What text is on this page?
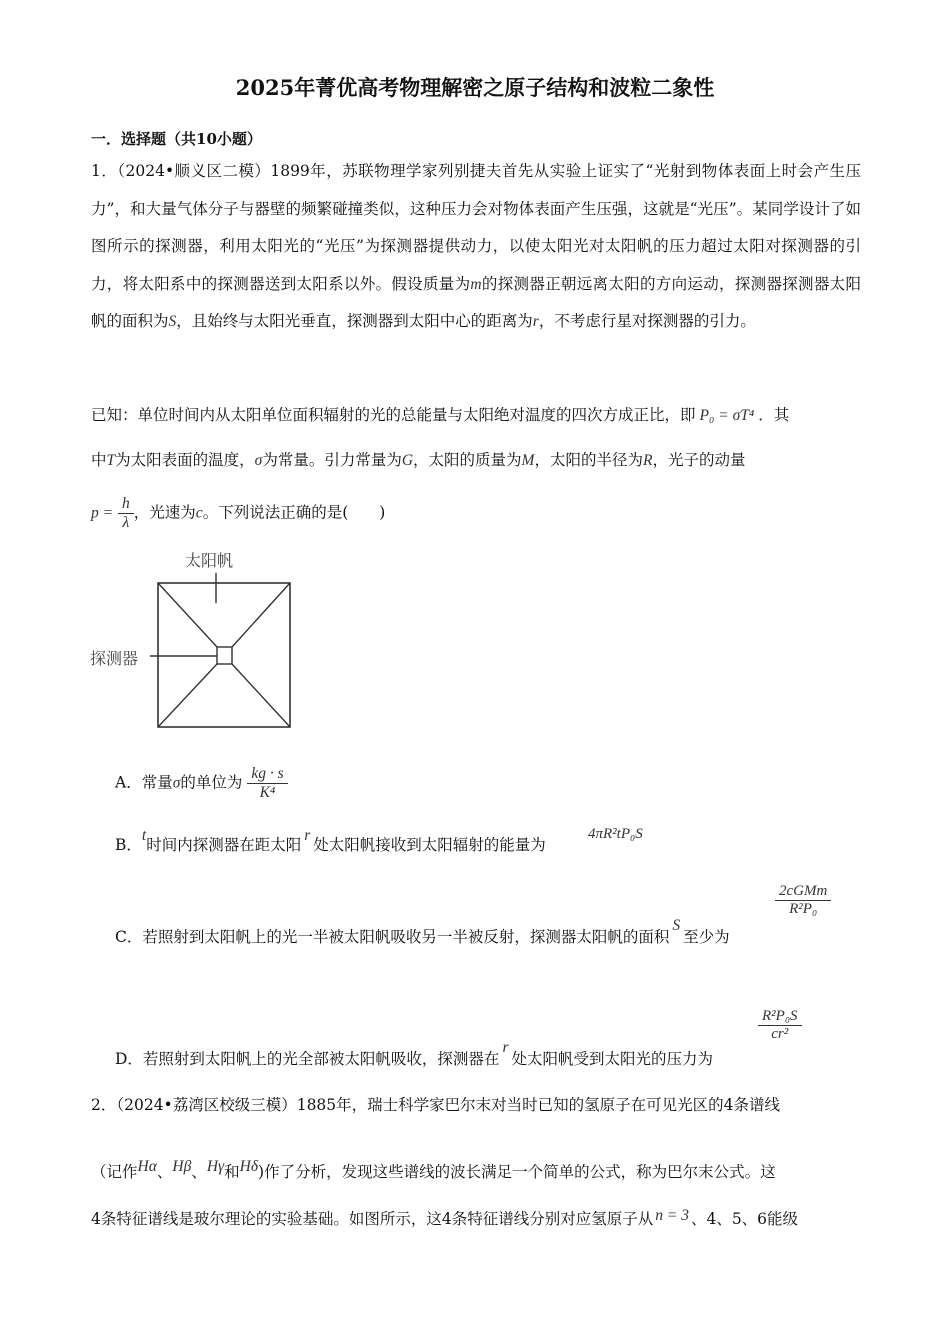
2025年菁优高考物理解密之原子结构和波粒二象性
一．选择题（共10小题）
1．（2024•顺义区二模）1899年，苏联物理学家列别捷夫首先从实验上证实了“光射到物体表面上时会产生压力”，和大量气体分子与器壁的频繁碰撞类似，这种压力会对物体表面产生压强，这就是“光压”。某同学设计了如图所示的探测器，利用太阳光的“光压”为探测器提供动力，以使太阳光对太阳帆的压力超过太阳对探测器的引力，将太阳系中的探测器送到太阳系以外。假设质量为m的探测器正朝远离太阳的方向运动，探测器探测器太阳帆的面积为S，且始终与太阳光垂直，探测器到太阳中心的距离为r，不考虑行星对探测器的引力。
已知：单位时间内从太阳单位面积辐射的光的总能量与太阳绝对温度的四次方成正比，即 P₀ = σT⁴ ．其
中T为太阳表面的温度，σ为常量。引力常量为G，太阳的质量为M，太阳的半径为R，光子的动量
$p = \frac{h}{\lambda}$ ，光速为c。下列说法正确的是(　　)
太阳帆
探测器
A．常量σ的单位为 $\frac{kg \cdot s}{\text{K⁴}}$
B．t时间内探测器在距太阳r处太阳帆接收到太阳辐射的能量为
4πR²tP₀S
C．若照射到太阳帆上的光一半被太阳帆吸收另一半被反射，探测器太阳帆的面积S至少为
$\frac{\text{2cGMm}}{\text{R²P₀}}$
D．若照射到太阳帆上的光全部被太阳帆吸收，探测器在r处太阳帆受到太阳光的压力为
$\frac{\text{R²P₀S}}{\text{cr²}}$
2．（2024•荔湾区校级三模）1885年，瑞士科学家巴尔末对当时已知的氢原子在可见光区的4条谱线
（记作Hα、Hβ、Hγ和Hδ)作了分析，发现这些谱线的波长满足一个简单的公式，称为巴尔末公式。这
4条特征谱线是玻尔理论的实验基础。如图所示，这4条特征谱线分别对应氢原子从 n = 3 、4、5、6能级
